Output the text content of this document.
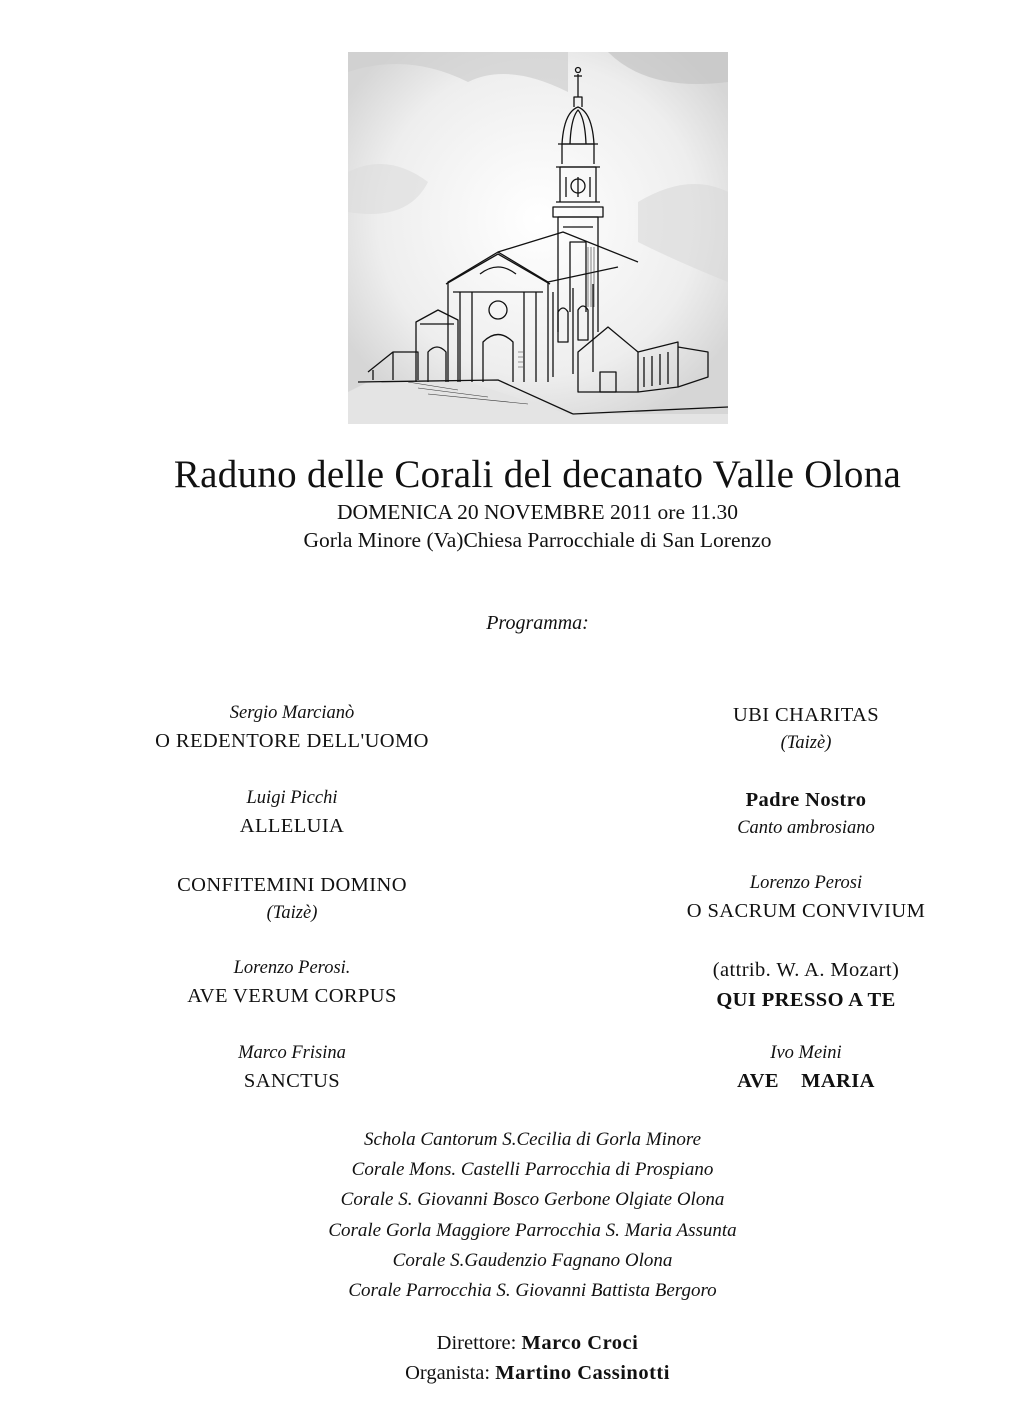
Raduno delle Corali del decanato Valle Olona
DOMENICA 20 NOVEMBRE 2011 ore 11.30
Gorla Minore (Va)Chiesa Parrocchiale di San Lorenzo
Programma:
Sergio Marcianò
O REDENTORE DELL'UOMO
Luigi Picchi
ALLELUIA
CONFITEMINI DOMINO
(Taizè)
Lorenzo Perosi.
AVE VERUM CORPUS
Marco Frisina
SANCTUS
UBI CHARITAS
(Taizè)
Padre Nostro
Canto ambrosiano
Lorenzo Perosi
O SACRUM CONVIVIUM
(attrib. W. A. Mozart)
QUI PRESSO A TE
Ivo Meini
AVE    MARIA
Schola Cantorum S.Cecilia di Gorla Minore
Corale Mons. Castelli Parrocchia di Prospiano
Corale S. Giovanni Bosco Gerbone Olgiate Olona
Corale Gorla Maggiore Parrocchia S. Maria Assunta
Corale S.Gaudenzio Fagnano Olona
Corale Parrocchia S. Giovanni Battista Bergoro
Direttore: Marco Croci
Organista: Martino Cassinotti
